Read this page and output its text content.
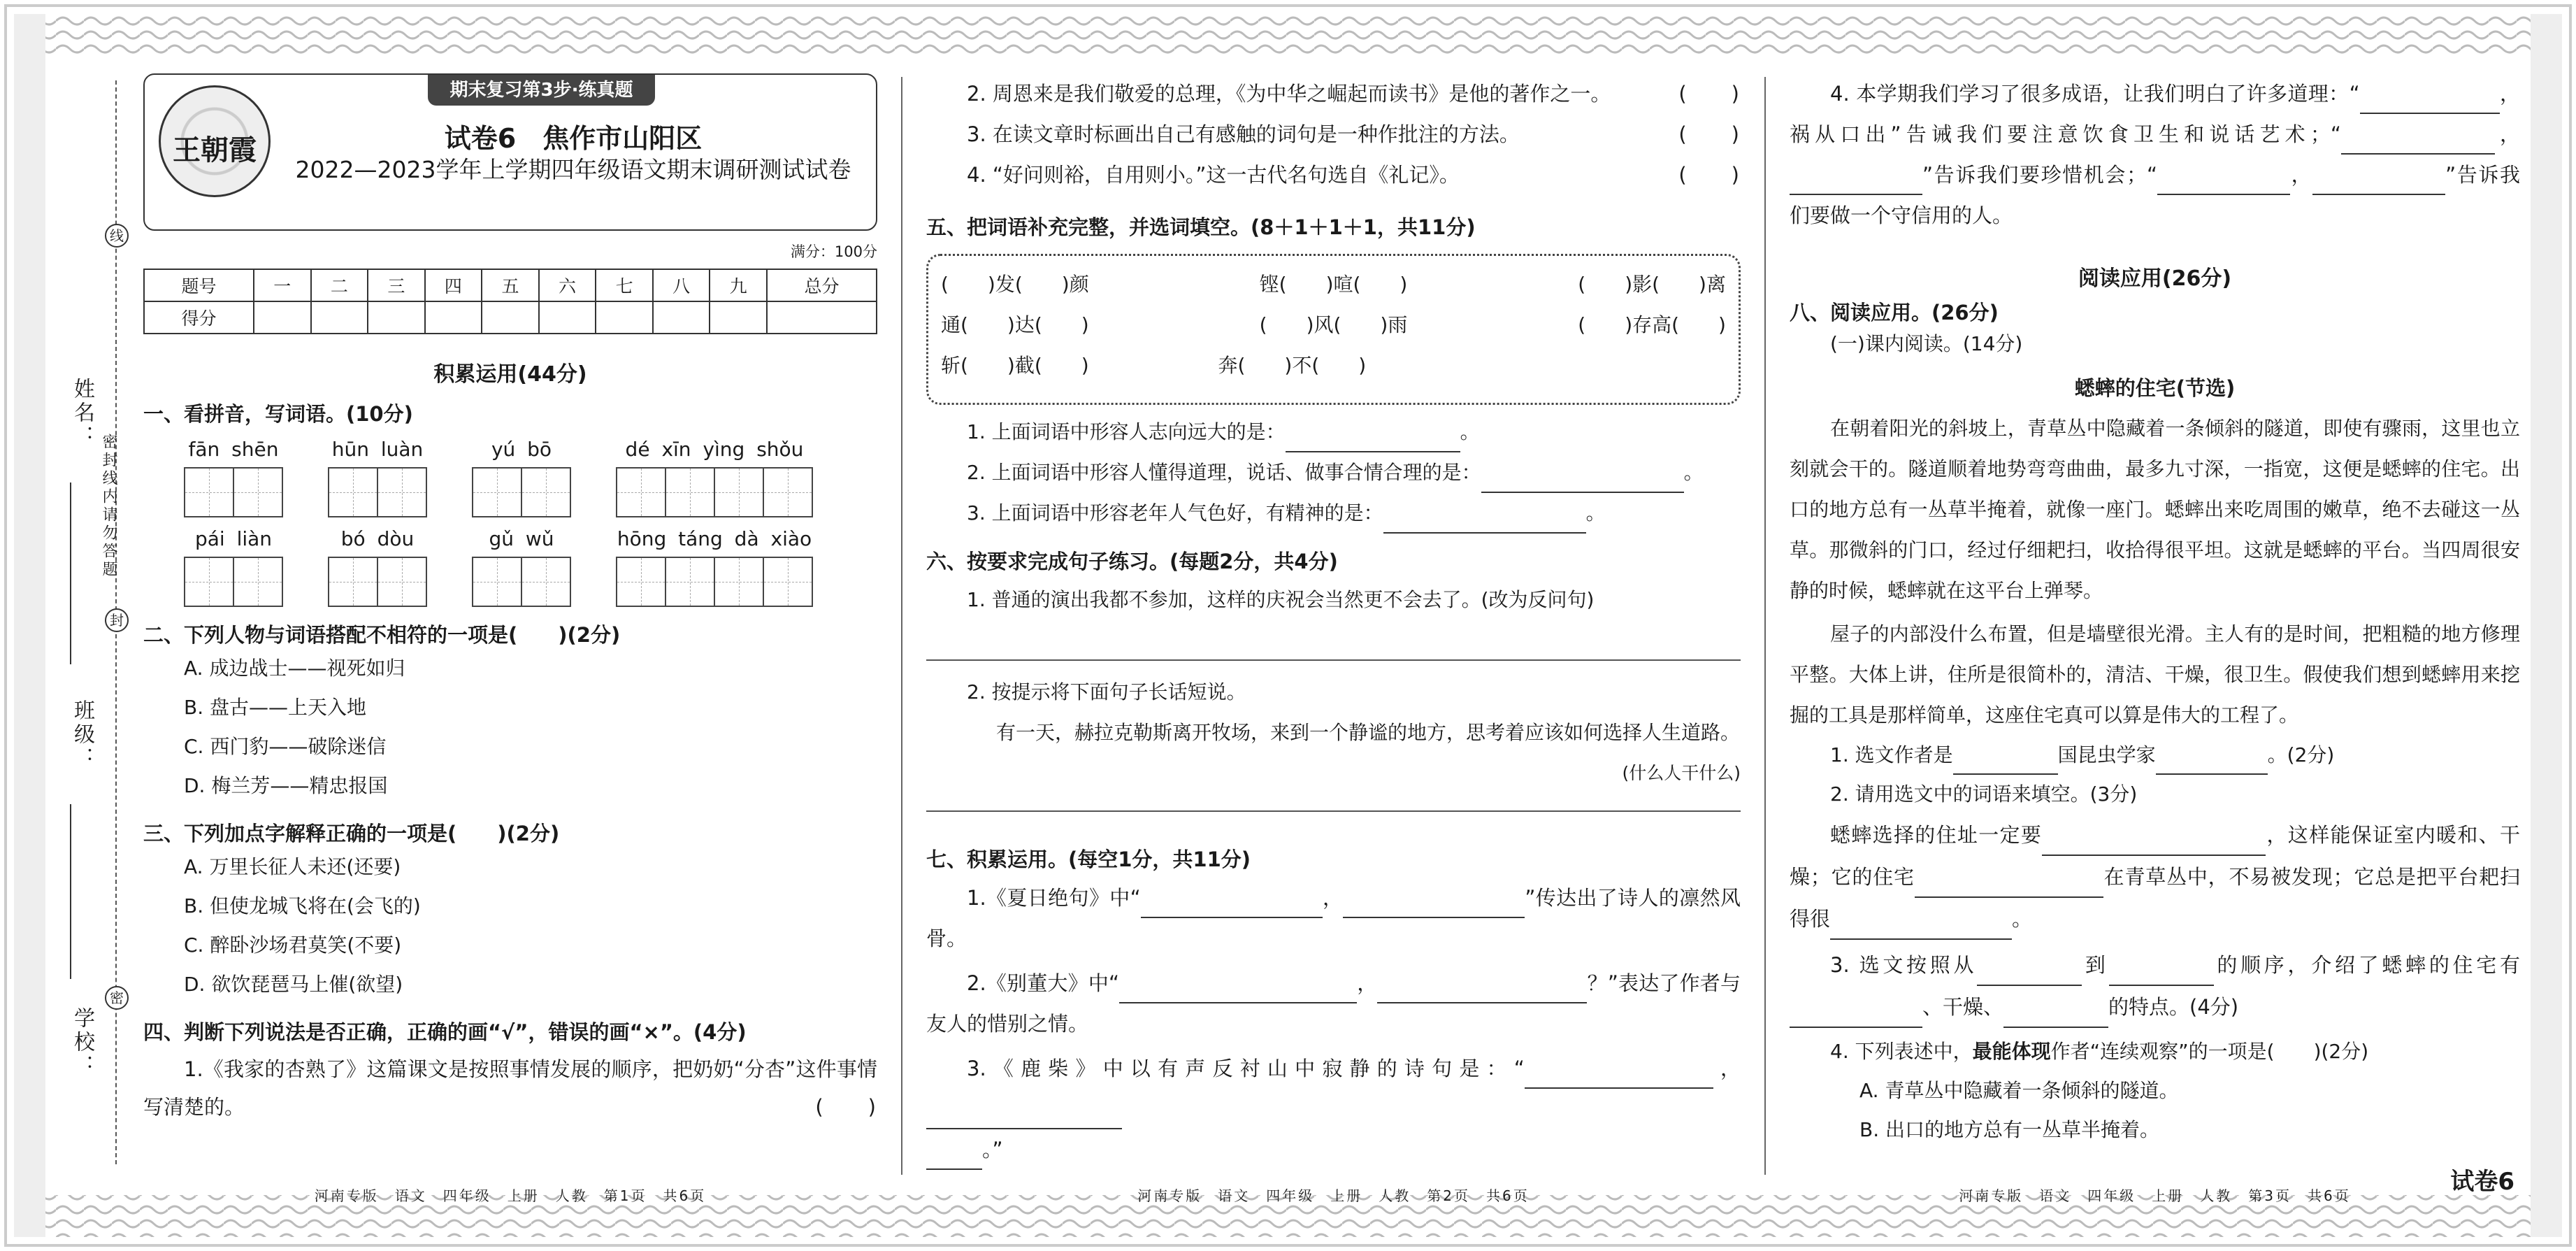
姓名：
班级：
学校：
密封线内请勿答题
线
封
密
王朝霞
期末复习第3步·练真题
试卷6　焦作市山阳区
2022—2023学年上学期四年级语文期末调研测试试卷
满分：100分
题号	一	二	三	四	五	六	七	八	九	总分
得分										
积累运用(44分)
一、看拼音，写词语。(10分)
fān shēn	hūn luàn	yú bō	dé xīn yìng shǒu
pái liàn	bó dòu	gǔ wǔ	hōng táng dà xiào
二、下列人物与词语搭配不相符的一项是(　　)(2分)
A. 成边战士——视死如归
B. 盘古——上天入地
C. 西门豹——破除迷信
D. 梅兰芳——精忠报国
三、下列加点字解释正确的一项是(　　)(2分)
A. 万里长征人未还(还要)
B. 但使龙城飞将在(会飞的)
C. 醉卧沙场君莫笑(不要)
D. 欲饮琵琶马上催(欲望)
四、判断下列说法是否正确，正确的画“√”，错误的画“×”。(4分)
1.《我家的杏熟了》这篇课文是按照事情发展的顺序，把奶奶“分杏”这件事情写清楚的。	(　　)
河南专版　语文　四年级　上册　人教　第1页　共6页
2. 周恩来是我们敬爱的总理，《为中华之崛起而读书》是他的著作之一。	(　　)
3. 在读文章时标画出自己有感触的词句是一种作批注的方法。	(　　)
4. “好问则裕，自用则小。”这一古代名句选自《礼记》。	(　　)
五、把词语补充完整，并选词填空。(8＋1＋1＋1，共11分)
(　　)发(　　)颜	铿(　　)喧(　　)	(　　)影(　　)离
通(　　)达(　　)	(　　)风(　　)雨	(　　)存高(　　)
斩(　　)截(　　)	奔(　　)不(　　)
1. 上面词语中形容人志向远大的是：	。
2. 上面词语中形容人懂得道理，说话、做事合情合理的是：	。
3. 上面词语中形容老年人气色好，有精神的是：	。
六、按要求完成句子练习。(每题2分，共4分)
1. 普通的演出我都不参加，这样的庆祝会当然更不会去了。(改为反问句)
2. 按提示将下面句子长话短说。
有一天，赫拉克勒斯离开牧场，来到一个静谧的地方，思考着应该如何选择人生道路。
(什么人干什么)
七、积累运用。(每空1分，共11分)
1.《夏日绝句》中“	，	”传达出了诗人的凛然风骨。
2.《别董大》中“	，	？”表达了作者与友人的惜别之情。
3.《鹿柴》中以有声反衬山中寂静的诗句是：“	，
。”
河南专版　语文　四年级　上册　人教　第2页　共6页
4. 本学期我们学习了很多成语，让我们明白了许多道理：“	，祸从口出”告诫我们要注意饮食卫生和说话艺术；“	，”告诉我们要珍惜机会；“	，	”告诉我们要做一个守信用的人。
阅读应用(26分)
八、阅读应用。(26分)
(一)课内阅读。(14分)
蟋蟀的住宅(节选)
在朝着阳光的斜坡上，青草丛中隐藏着一条倾斜的隧道，即使有骤雨，这里也立刻就会干的。隧道顺着地势弯弯曲曲，最多九寸深，一指宽，这便是蟋蟀的住宅。出口的地方总有一丛草半掩着，就像一座门。蟋蟀出来吃周围的嫩草，绝不去碰这一丛草。那微斜的门口，经过仔细耙扫，收拾得很平坦。这就是蟋蟀的平台。当四周很安静的时候，蟋蟀就在这平台上弹琴。
屋子的内部没什么布置，但是墙壁很光滑。主人有的是时间，把粗糙的地方修理平整。大体上讲，住所是很简朴的，清洁、干燥，很卫生。假使我们想到蟋蟀用来挖掘的工具是那样简单，这座住宅真可以算是伟大的工程了。
1. 选文作者是	国昆虫学家	。(2分)
2. 请用选文中的词语来填空。(3分)
蟋蟀选择的住址一定要	，这样能保证室内暖和、干燥；它的住宅	在青草丛中，不易被发现；它总是把平台耙扫得很	。
3. 选文按照从	到	的顺序，介绍了蟋蟀的住宅有、干燥、	的特点。(4分)
4. 下列表述中，最能体现作者“连续观察”的一项是(　　)(2分)
A. 青草丛中隐藏着一条倾斜的隧道。
B. 出口的地方总有一丛草半掩着。
河南专版　语文　四年级　上册　人教　第3页　共6页	试卷6
